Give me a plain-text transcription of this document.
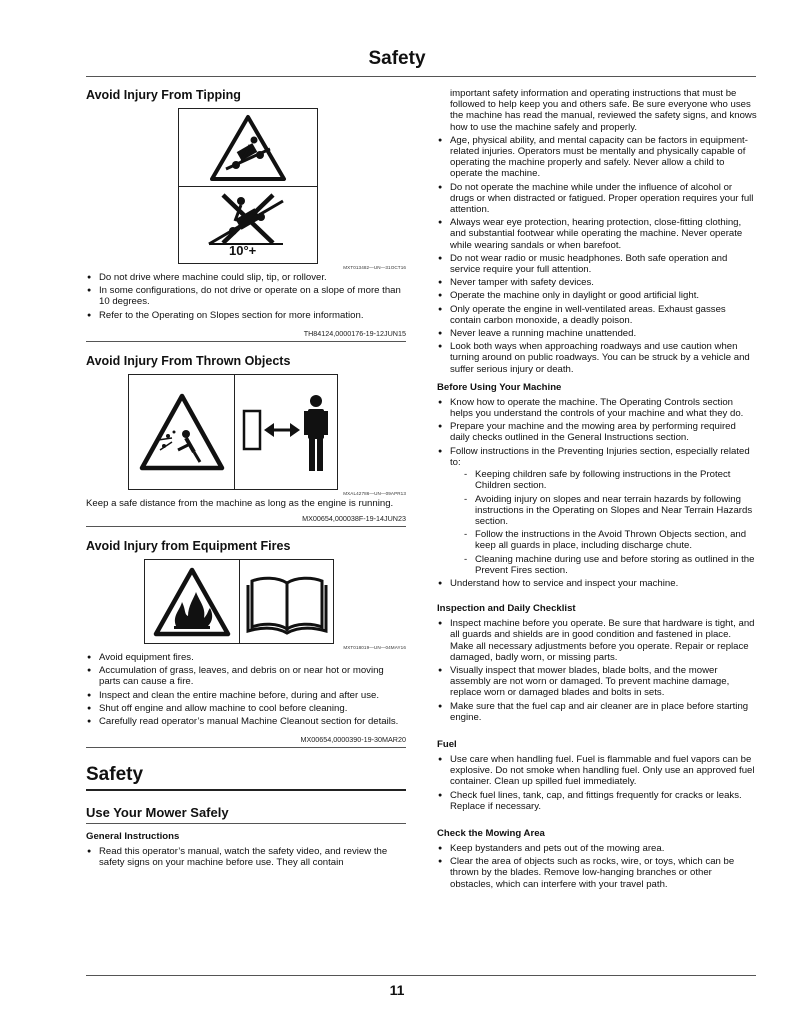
Safety
Avoid Injury From Tipping
10°+
MXT013482—UN—31OCT16
● Do not drive where machine could slip, tip, or rollover.
● In some configurations, do not drive or operate on a slope of more than 10 degrees.
● Refer to the Operating on Slopes section for more information.
TH84124,0000176-19-12JUN15
Avoid Injury From Thrown Objects
MXAL42786—UN—09APR13

Keep a safe distance from the machine as long as the engine is running.

MX00654,000038F-19-14JUN23
Avoid Injury from Equipment Fires
MXT018019—UN—04MAY16
● Avoid equipment fires.
● Accumulation of grass, leaves, and debris on or near hot or moving parts can cause a fire.
● Inspect and clean the entire machine before, during and after use.
● Shut off engine and allow machine to cool before cleaning.
● Carefully read operator’s manual Machine Cleanout section for details.
MX00654,0000390-19-30MAR20
Safety
Use Your Mower Safely
General Instructions
● Read this operator’s manual, watch the safety video, and review the safety signs on your machine before use. They all contain

important safety information and operating instructions that must be followed to help keep you and others safe. Be sure everyone who uses the machine has read the manual, reviewed the safety signs, and knows how to use the machine safely and properly.

● Age, physical ability, and mental capacity can be factors in equipment-related injuries. Operators must be mentally and physically capable of operating the machine properly and safely. Never allow a child to operate the machine.
● Do not operate the machine while under the influence of alcohol or drugs or when distracted or fatigued. Proper operation requires your full attention.
● Always wear eye protection, hearing protection, close-fitting clothing, and substantial footwear while operating the machine. Never operate while wearing sandals or when barefoot.
● Do not wear radio or music headphones. Both safe operation and service require your full attention.
● Never tamper with safety devices.
● Operate the machine only in daylight or good artificial light.
● Only operate the engine in well-ventilated areas. Exhaust gasses contain carbon monoxide, a deadly poison.
● Never leave a running machine unattended.
● Look both ways when approaching roadways and use caution when turning around on public roadways. You can be struck by a vehicle and suffer serious injury or death.
Before Using Your Machine
● Know how to operate the machine. The Operating Controls section helps you understand the controls of your machine and what they do.
● Prepare your machine and the mowing area by performing required daily checks outlined in the General Instructions section.
● Follow instructions in the Preventing Injuries section, especially related to:
- Keeping children safe by following instructions in the Protect Children section.
- Avoiding injury on slopes and near terrain hazards by following instructions in the Operating on Slopes and Near Terrain Hazards section.
- Follow the instructions in the Avoid Thrown Objects section, and keep all guards in place, including discharge chute.
- Cleaning machine during use and before storing as outlined in the Prevent Fires section.
● Understand how to service and inspect your machine.
Inspection and Daily Checklist
● Inspect machine before you operate. Be sure that hardware is tight, and all guards and shields are in good condition and fastened in place. Make all necessary adjustments before you operate. Repair or replace damaged, badly worn, or missing parts.
● Visually inspect that mower blades, blade bolts, and the mower assembly are not worn or damaged. To prevent machine damage, replace worn or damaged blades and bolts in sets.
● Make sure that the fuel cap and air cleaner are in place before starting engine.
Fuel
● Use care when handling fuel. Fuel is flammable and fuel vapors can be explosive. Do not smoke when handling fuel. Only use an approved fuel container. Clean up spilled fuel immediately.
● Check fuel lines, tank, cap, and fittings frequently for cracks or leaks. Replace if necessary.
Check the Mowing Area
● Keep bystanders and pets out of the mowing area.
● Clear the area of objects such as rocks, wire, or toys, which can be thrown by the blades. Remove low-hanging branches or other obstacles, which can interfere with your travel path.
11
